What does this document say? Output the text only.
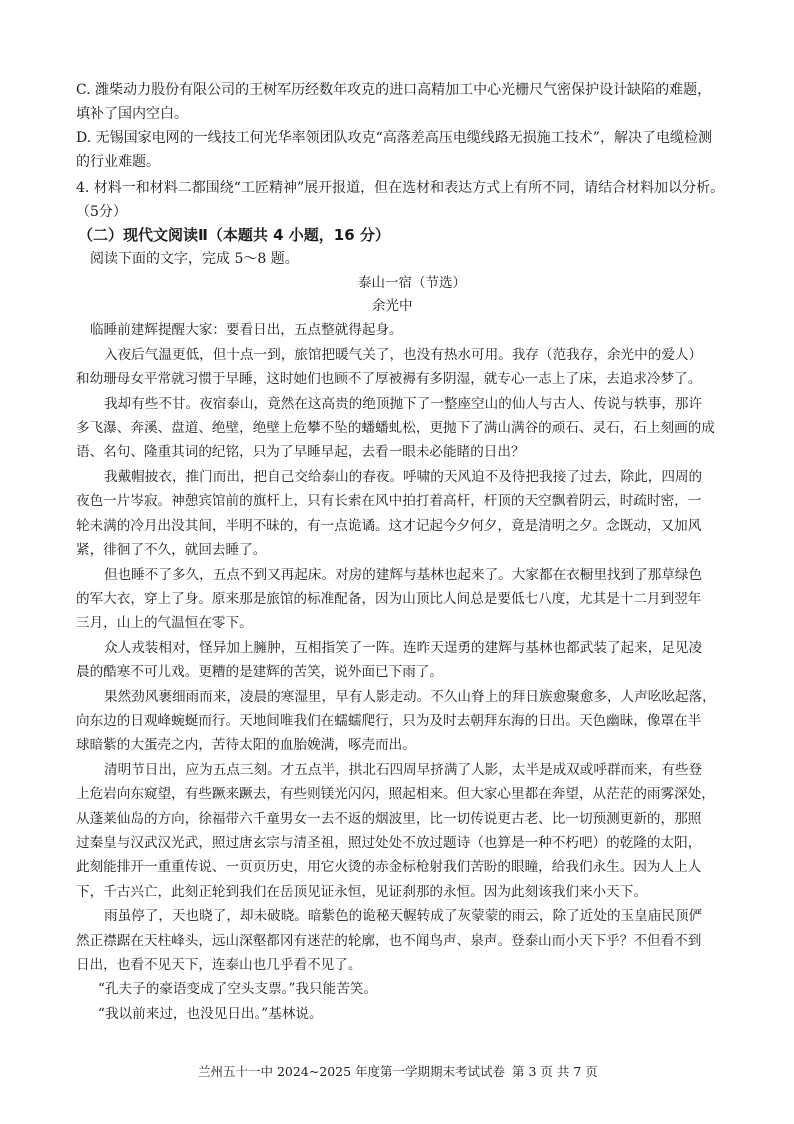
C. 潍柴动力股份有限公司的王树军历经数年攻克的进口高精加工中心光栅尺气密保护设计缺陷的难题，
填补了国内空白。
D. 无锡国家电网的一线技工何光华率领团队攻克“高落差高压电缆线路无损施工技术”，解决了电缆检测
的行业难题。
4. 材料一和材料二都围绕“工匠精神”展开报道，但在选材和表达方式上有所不同，请结合材料加以分析。
（5分）
（二）现代文阅读Ⅱ（本题共 4 小题，16 分）
阅读下面的文字，完成 5～8 题。
泰山一宿（节选）
余光中
临睡前建辉提醒大家：要看日出，五点整就得起身。
入夜后气温更低，但十点一到，旅馆把暖气关了，也没有热水可用。我存（范我存，余光中的爱人）
和幼珊母女平常就习惯于早睡，这时她们也顾不了厚被褥有多阴湿，就专心一志上了床，去追求冷梦了。
我却有些不甘。夜宿泰山，竟然在这高贵的绝顶抛下了一整座空山的仙人与古人、传说与轶事，那许
多飞瀑、奔溪、盘道、绝壁，绝壁上危攀不坠的蟠蟠虬松，更抛下了满山满谷的顽石、灵石，石上刻画的成
语、名句、隆重其词的纪铭，只为了早睡早起，去看一眼未必能睹的日出？
我戴帽披衣，推门而出，把自己交给泰山的春夜。呼啸的天风迫不及待把我接了过去，除此，四周的
夜色一片岑寂。神憩宾馆前的旗杆上，只有长索在风中拍打着高杆，杆顶的天空飘着阴云，时疏时密，一
轮未满的冷月出没其间，半明不昧的，有一点诡谲。这才记起今夕何夕，竟是清明之夕。念既动，又加风
紧，徘徊了不久，就回去睡了。
但也睡不了多久，五点不到又再起床。对房的建辉与基林也起来了。大家都在衣橱里找到了那草绿色
的军大衣，穿上了身。原来那是旅馆的标准配备，因为山顶比人间总是要低七八度，尤其是十二月到翌年
三月，山上的气温恒在零下。
众人戎装相对，怪异加上臃肿，互相指笑了一阵。连昨天逞勇的建辉与基林也都武装了起来，足见凌
晨的酷寒不可儿戏。更糟的是建辉的苦笑，说外面已下雨了。
果然劲风裹细雨而来，凌晨的寒湿里，早有人影走动。不久山脊上的拜日族愈聚愈多，人声吆吆起落，
向东边的日观峰蜿蜒而行。天地间唯我们在蠕蠕爬行，只为及时去朝拜东海的日出。天色幽昧，像罩在半
球暗紫的大蛋壳之内，苦待太阳的血胎娩满，啄壳而出。
清明节日出，应为五点三刻。才五点半，拱北石四周早挤满了人影，太半是成双或呼群而来，有些登
上危岩向东窥望，有些蹶来蹶去，有些则镁光闪闪，照起相来。但大家心里都在奔望，从茫茫的雨雾深处，
从蓬莱仙岛的方向，徐福带六千童男女一去不返的烟波里，比一切传说更古老、比一切预测更新的，那照
过秦皇与汉武汉光武，照过唐玄宗与清圣祖，照过处处不放过题诗（也算是一种不朽吧）的乾隆的太阳，
此刻能排开一重重传说、一页页历史，用它火烫的赤金标枪射我们苦盼的眼瞳，给我们永生。因为人上人
下，千古兴亡，此刻正轮到我们在岳顶见证永恒，见证刹那的永恒。因为此刻该我们来小天下。
雨虽停了，天也晓了，却未破晓。暗紫色的诡秘天幄转成了灰蒙蒙的雨云，除了近处的玉皇庙民顶俨
然正襟踞在天柱峰头，远山深壑都冈有迷茫的轮廓，也不闻鸟声、泉声。登泰山而小天下乎？不但看不到
日出，也看不见天下，连泰山也几乎看不见了。
“孔夫子的豪语变成了空头支票。”我只能苦笑。
“我以前来过，也没见日出。”基林说。
兰州五十一中 2024~2025 年度第一学期期末考试试卷 第 3 页 共 7 页
